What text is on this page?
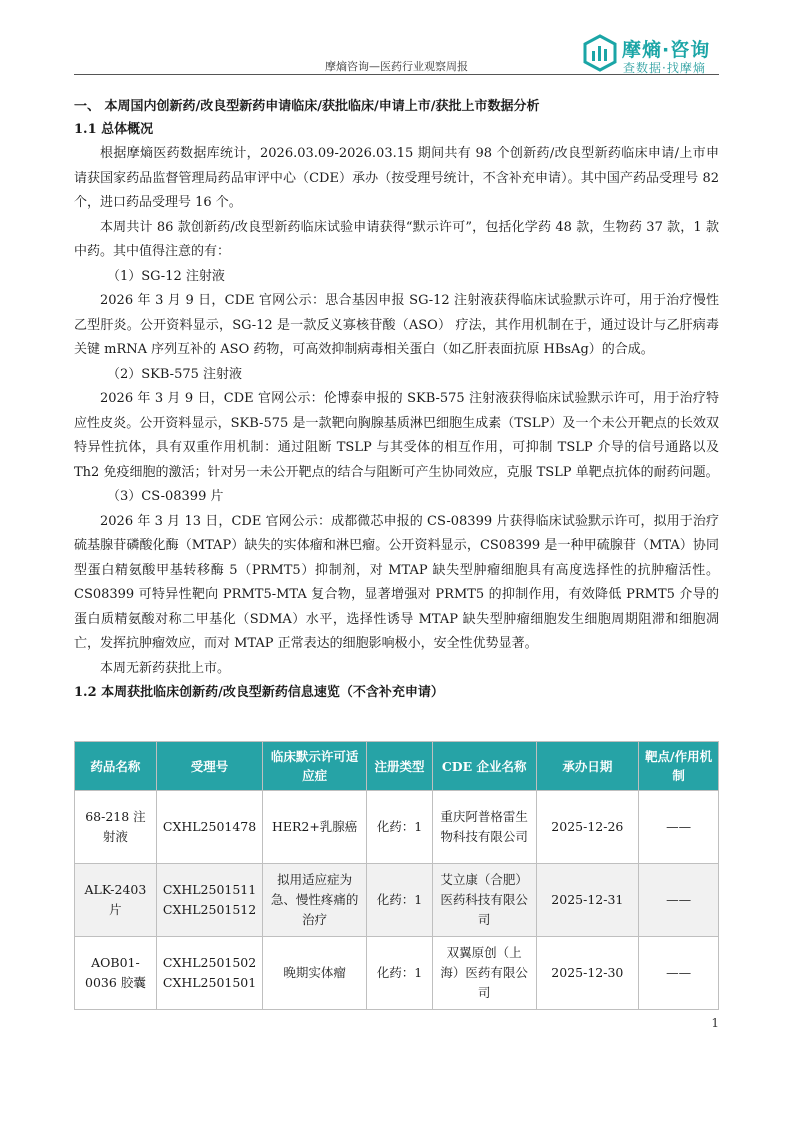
摩熵咨询—医药行业观察周报
摩熵·咨询
查数据·找摩熵

一、 本周国内创新药/改良型新药申请临床/获批临床/申请上市/获批上市数据分析

1.1 总体概况

根据摩熵医药数据库统计，2026.03.09-2026.03.15 期间共有 98 个创新药/改良型新药临床申请/上市申请获国家药品监督管理局药品审评中心（CDE）承办（按受理号统计，不含补充申请）。其中国产药品受理号 82 个，进口药品受理号 16 个。

本周共计 86 款创新药/改良型新药临床试验申请获得“默示许可”，包括化学药 48 款，生物药 37 款，1 款中药。其中值得注意的有：

（1）SG-12 注射液

2026 年 3 月 9 日，CDE 官网公示：思合基因申报 SG-12 注射液获得临床试验默示许可，用于治疗慢性乙型肝炎。公开资料显示，SG-12 是一款反义寡核苷酸（ASO） 疗法，其作用机制在于，通过设计与乙肝病毒关键 mRNA 序列互补的 ASO 药物，可高效抑制病毒相关蛋白（如乙肝表面抗原 HBsAg）的合成。

（2）SKB-575 注射液

2026 年 3 月 9 日，CDE 官网公示：伦博泰申报的 SKB-575 注射液获得临床试验默示许可，用于治疗特应性皮炎。公开资料显示，SKB-575 是一款靶向胸腺基质淋巴细胞生成素（TSLP）及一个未公开靶点的长效双特异性抗体，具有双重作用机制：通过阻断 TSLP 与其受体的相互作用，可抑制 TSLP 介导的信号通路以及 Th2 免疫细胞的激活；针对另一未公开靶点的结合与阻断可产生协同效应，克服 TSLP 单靶点抗体的耐药问题。

（3）CS-08399 片

2026 年 3 月 13 日，CDE 官网公示：成都微芯申报的 CS-08399 片获得临床试验默示许可，拟用于治疗硫基腺苷磷酸化酶（MTAP）缺失的实体瘤和淋巴瘤。公开资料显示，CS08399 是一种甲硫腺苷（MTA）协同型蛋白精氨酸甲基转移酶 5（PRMT5）抑制剂，对 MTAP 缺失型肿瘤细胞具有高度选择性的抗肿瘤活性。CS08399 可特异性靶向 PRMT5-MTA 复合物，显著增强对 PRMT5 的抑制作用，有效降低 PRMT5 介导的蛋白质精氨酸对称二甲基化（SDMA）水平，选择性诱导 MTAP 缺失型肿瘤细胞发生细胞周期阻滞和细胞凋亡，发挥抗肿瘤效应，而对 MTAP 正常表达的细胞影响极小，安全性优势显著。

本周无新药获批上市。

1.2 本周获批临床创新药/改良型新药信息速览（不含补充申请）

药品名称	受理号	临床默示许可适应症	注册类型	CDE 企业名称	承办日期	靶点/作用机制
68-218 注射液	CXHL2501478	HER2+乳腺癌	化药：1	重庆阿普格雷生物科技有限公司	2025-12-26	——
ALK-2403 片	CXHL2501511 CXHL2501512	拟用适应症为急、慢性疼痛的治疗	化药：1	艾立康（合肥）医药科技有限公司	2025-12-31	——
AOB01-0036 胶囊	CXHL2501502 CXHL2501501	晚期实体瘤	化药：1	双翼原创（上海）医药有限公司	2025-12-30	——
1
